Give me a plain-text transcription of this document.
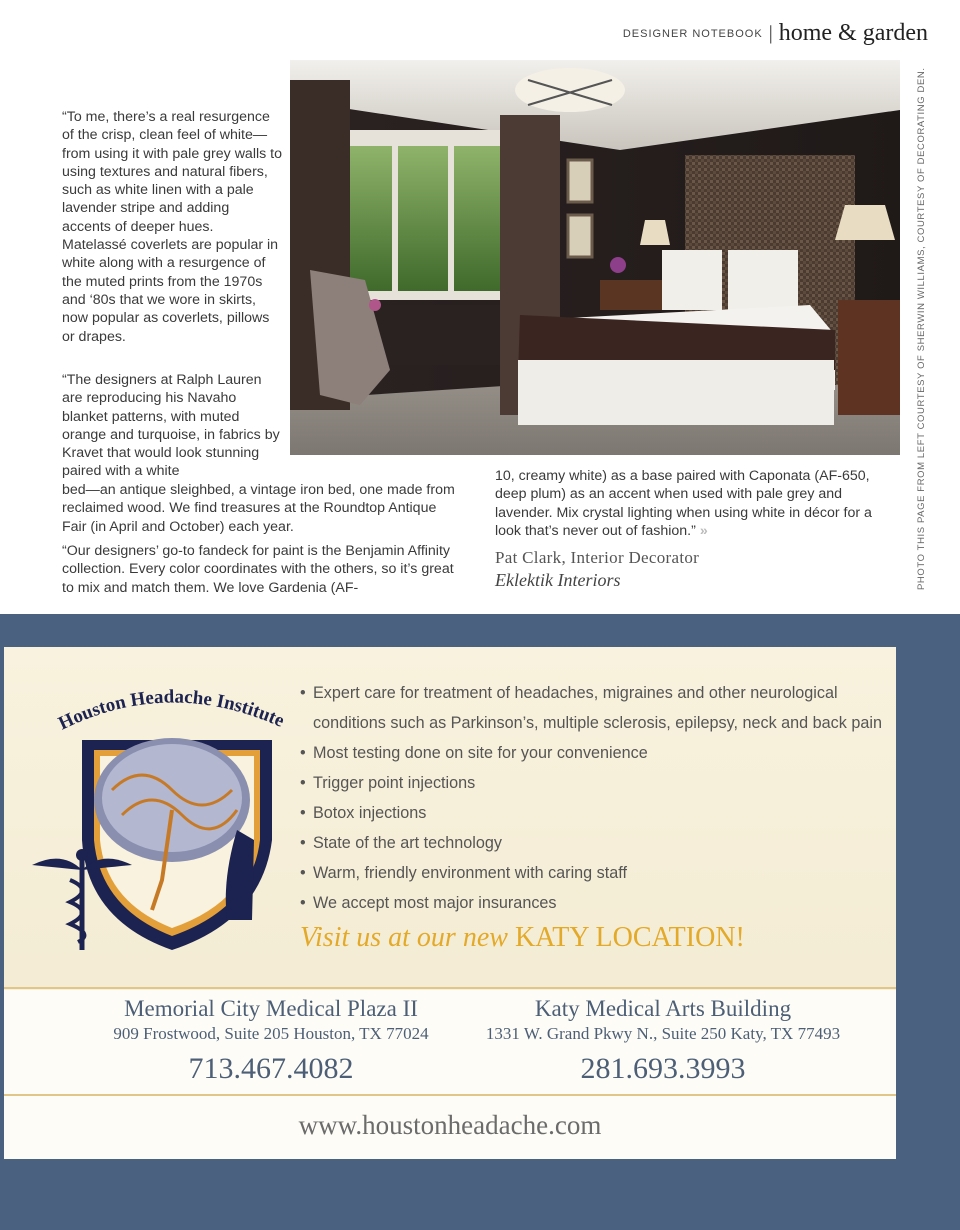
DESIGNER NOTEBOOK | home & garden
PHOTO THIS PAGE FROM LEFT COURTESY OF SHERWIN WILLIAMS, COURTESY OF DECORATING DEN.

“To me, there’s a real resurgence of the crisp, clean feel of white—from using it with pale grey walls to using textures and natural fibers, such as white linen with a pale lavender stripe and adding accents of deeper hues. Matelassé coverlets are popular in white along with a resurgence of the muted prints from the 1970s and ‘80s that we wore in skirts, now popular as coverlets, pillows or drapes.

“The designers at Ralph Lauren are reproducing his Navaho blanket patterns, with muted orange and turquoise, in fabrics by Kravet that would look stunning paired with a white

bed—an antique sleighbed, a vintage iron bed, one made from reclaimed wood. We find treasures at the Roundtop Antique Fair (in April and October) each year.

“Our designers’ go-to fandeck for paint is the Benjamin Affinity collection. Every color coordinates with the others, so it’s great to mix and match them. We love Gardenia (AF-

10, creamy white) as a base paired with Caponata (AF-650, deep plum) as an accent when used with pale grey and lavender. Mix crystal lighting when using white in décor for a look that’s never out of fashion.” »

Pat Clark, Interior Decorator
Eklektik Interiors
Houston Headache Institute
• Expert care for treatment of headaches, migraines and other neurological
conditions such as Parkinson’s, multiple sclerosis, epilepsy, neck and back pain
• Most testing done on site for your convenience
• Trigger point injections
• Botox injections
• State of the art technology
• Warm, friendly environment with caring staff
• We accept most major insurances
Visit us at our new KATY LOCATION!
Memorial City Medical Plaza II
909 Frostwood, Suite 205 Houston, TX 77024
713.467.4082
Katy Medical Arts Building
1331 W. Grand Pkwy N., Suite 250 Katy, TX 77493
281.693.3993
www.houstonheadache.com
